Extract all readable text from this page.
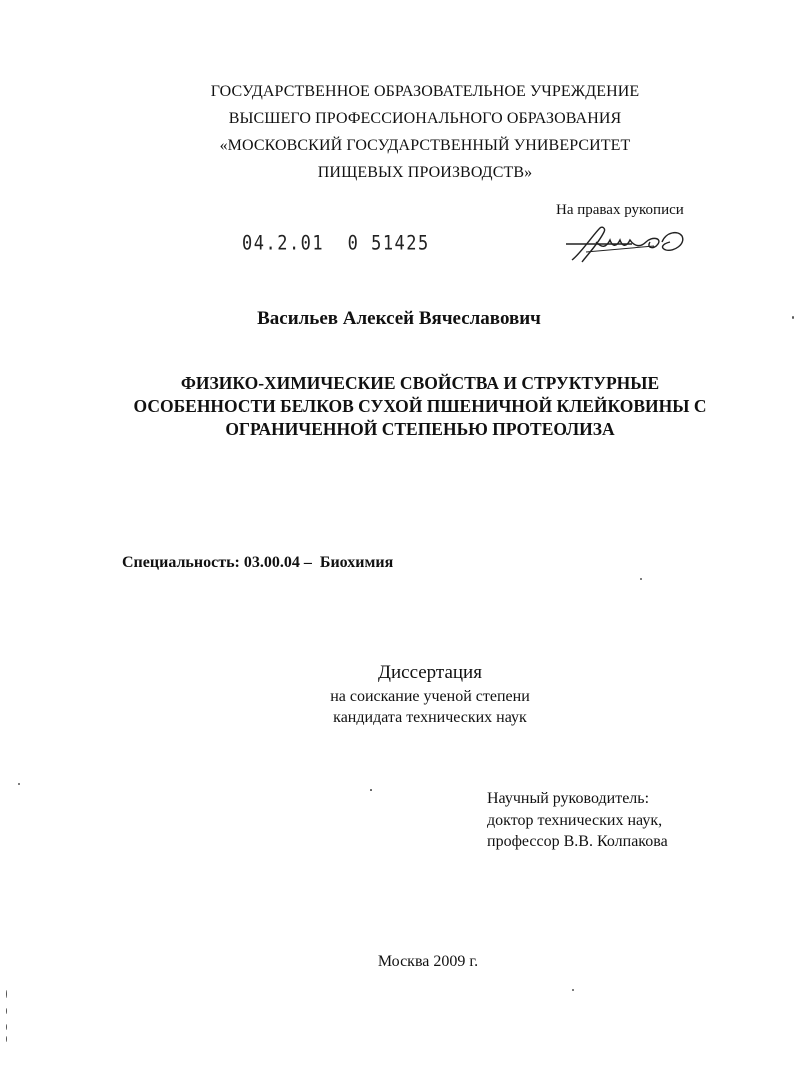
ГОСУДАРСТВЕННОЕ ОБРАЗОВАТЕЛЬНОЕ УЧРЕЖДЕНИЕ
ВЫСШЕГО ПРОФЕССИОНАЛЬНОГО ОБРАЗОВАНИЯ
«МОСКОВСКИЙ ГОСУДАРСТВЕННЫЙ УНИВЕРСИТЕТ
ПИЩЕВЫХ ПРОИЗВОДСТВ»
На правах рукописи
04.2.01  0 51425
Васильев Алексей Вячеславович
ФИЗИКО-ХИМИЧЕСКИЕ СВОЙСТВА И СТРУКТУРНЫЕ
ОСОБЕННОСТИ БЕЛКОВ СУХОЙ ПШЕНИЧНОЙ КЛЕЙКОВИНЫ С
ОГРАНИЧЕННОЙ СТЕПЕНЬЮ ПРОТЕОЛИЗА
Специальность: 03.00.04 – Биохимия
Диссертация
на соискание ученой степени
кандидата технических наук
Научный руководитель:
доктор технических наук,
профессор В.В. Колпакова
Москва 2009 г.
